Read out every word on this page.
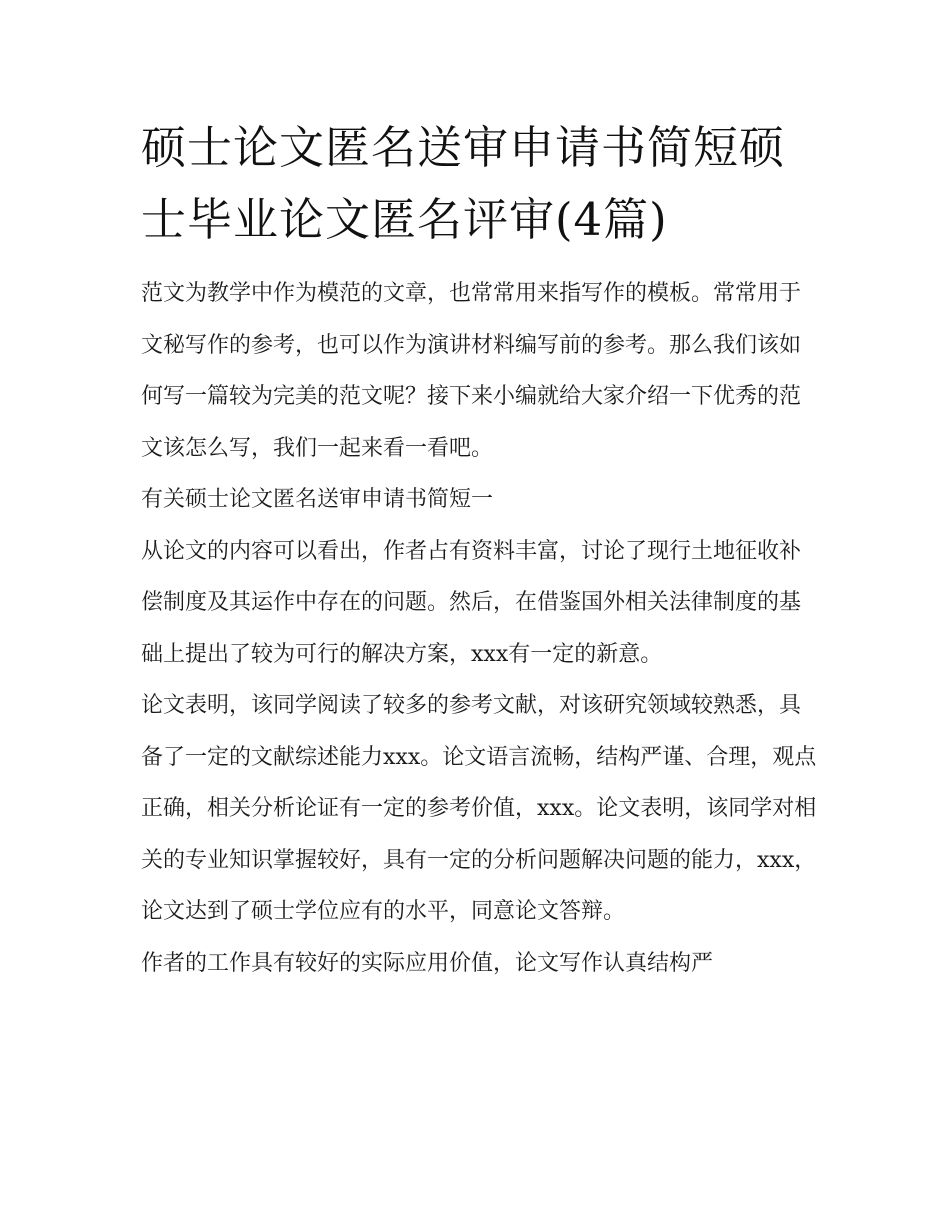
硕士论文匿名送审申请书简短硕士毕业论文匿名评审(4篇)

范文为教学中作为模范的文章，也常常用来指写作的模板。常常用于文秘写作的参考，也可以作为演讲材料编写前的参考。那么我们该如何写一篇较为完美的范文呢？接下来小编就给大家介绍一下优秀的范文该怎么写，我们一起来看一看吧。

有关硕士论文匿名送审申请书简短一

从论文的内容可以看出，作者占有资料丰富，讨论了现行土地征收补偿制度及其运作中存在的问题。然后，在借鉴国外相关法律制度的基础上提出了较为可行的解决方案，xxx有一定的新意。

论文表明，该同学阅读了较多的参考文献，对该研究领域较熟悉，具备了一定的文献综述能力xxx。论文语言流畅，结构严谨、合理，观点正确，相关分析论证有一定的参考价值，xxx。论文表明，该同学对相关的专业知识掌握较好，具有一定的分析问题解决问题的能力，xxx，论文达到了硕士学位应有的水平，同意论文答辩。

作者的工作具有较好的实际应用价值，论文写作认真结构严
